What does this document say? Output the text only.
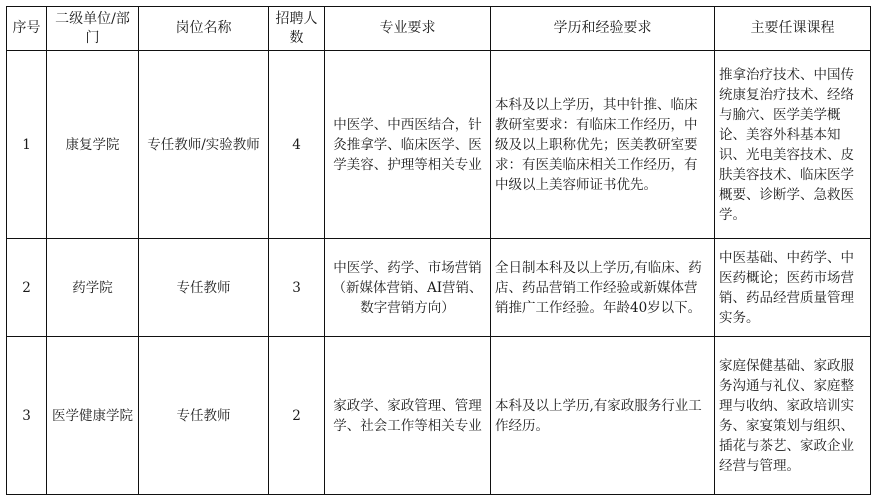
序号	二级单位/部门	岗位名称	招聘人数	专业要求	学历和经验要求	主要任课课程
1	康复学院	专任教师/实验教师	4	中医学、中西医结合，针灸推拿学、临床医学、医学美容、护理等相关专业	本科及以上学历，其中针推、临床教研室要求：有临床工作经历，中级及以上职称优先；医美教研室要求：有医美临床相关工作经历，有中级以上美容师证书优先。	推拿治疗技术、中国传统康复治疗技术、经络与腧穴、医学美学概论、美容外科基本知识、光电美容技术、皮肤美容技术、临床医学概要、诊断学、急救医学。
2	药学院	专任教师	3	中医学、药学、市场营销（新媒体营销、AI营销、数字营销方向）	全日制本科及以上学历,有临床、药店、药品营销工作经验或新媒体营销推广工作经验。年龄40岁以下。	中医基础、中药学、中医药概论；医药市场营销、药品经营质量管理实务。
3	医学健康学院	专任教师	2	家政学、家政管理、管理学、社会工作等相关专业	本科及以上学历,有家政服务行业工作经历。	家庭保健基础、家政服务沟通与礼仪、家庭整理与收纳、家政培训实务、家宴策划与组织、插花与茶艺、家政企业经营与管理。
